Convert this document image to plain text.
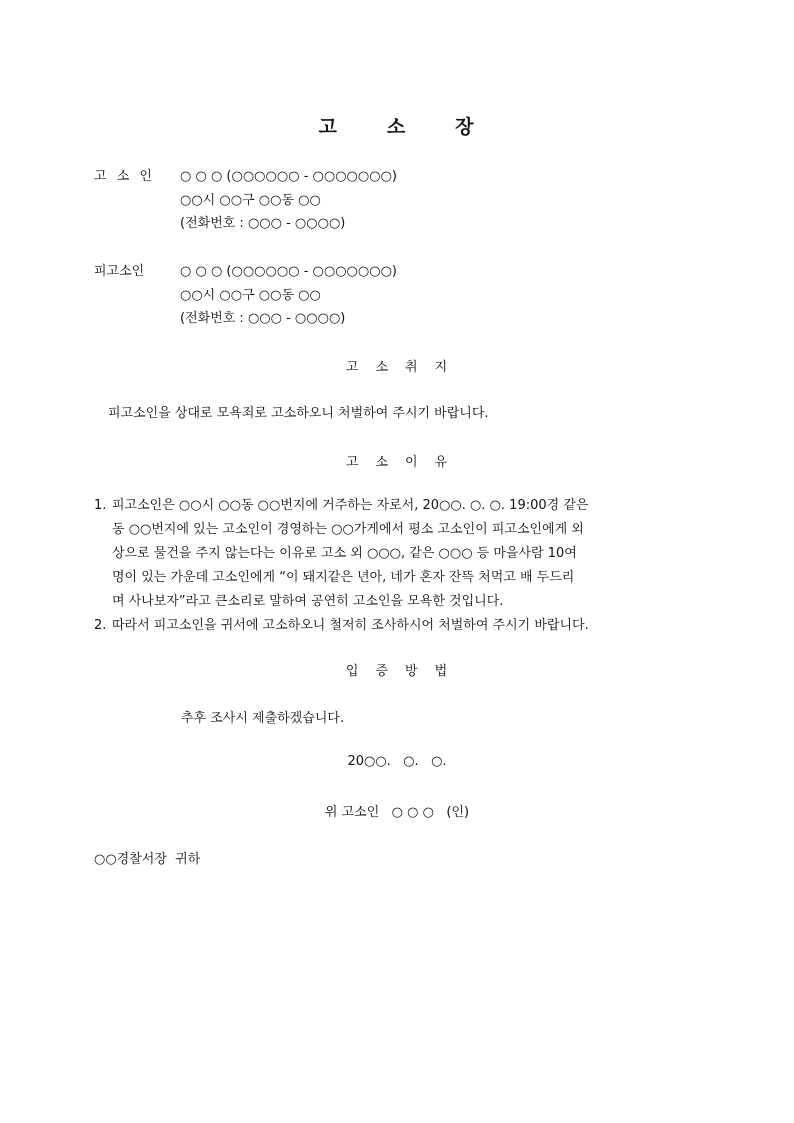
고	소	장
고 소 인	○ ○ ○ (○○○○○○ - ○○○○○○○)
○○시 ○○구 ○○동 ○○
(전화번호 : ○○○ - ○○○○)
피고소인	○ ○ ○ (○○○○○○ - ○○○○○○○)
○○시 ○○구 ○○동 ○○
(전화번호 : ○○○ - ○○○○)
고 소 취 지
피고소인을 상대로 모욕죄로 고소하오니 처벌하여 주시기 바랍니다.
고 소 이 유
1. 피고소인은 ○○시 ○○동 ○○번지에 거주하는 자로서, 20○○. ○. ○. 19:00경 같은
동 ○○번지에 있는 고소인이 경영하는 ○○가게에서 평소 고소인이 피고소인에게 외
상으로 물건을 주지 않는다는 이유로 고소 외 ○○○, 같은 ○○○ 등 마을사람 10여
명이 있는 가운데 고소인에게 “이 돼지같은 년아, 네가 혼자 잔뜩 처먹고 배 두드리
며 사나보자”라고 큰소리로 말하여 공연히 고소인을 모욕한 것입니다.
2. 따라서 피고소인을 귀서에 고소하오니 철저히 조사하시어 처벌하여 주시기 바랍니다.
입 증 방 법
추후 조사시 제출하겠습니다.
20○○.   ○.   ○.
위 고소인   ○ ○ ○   (인)
○○경찰서장  귀하
